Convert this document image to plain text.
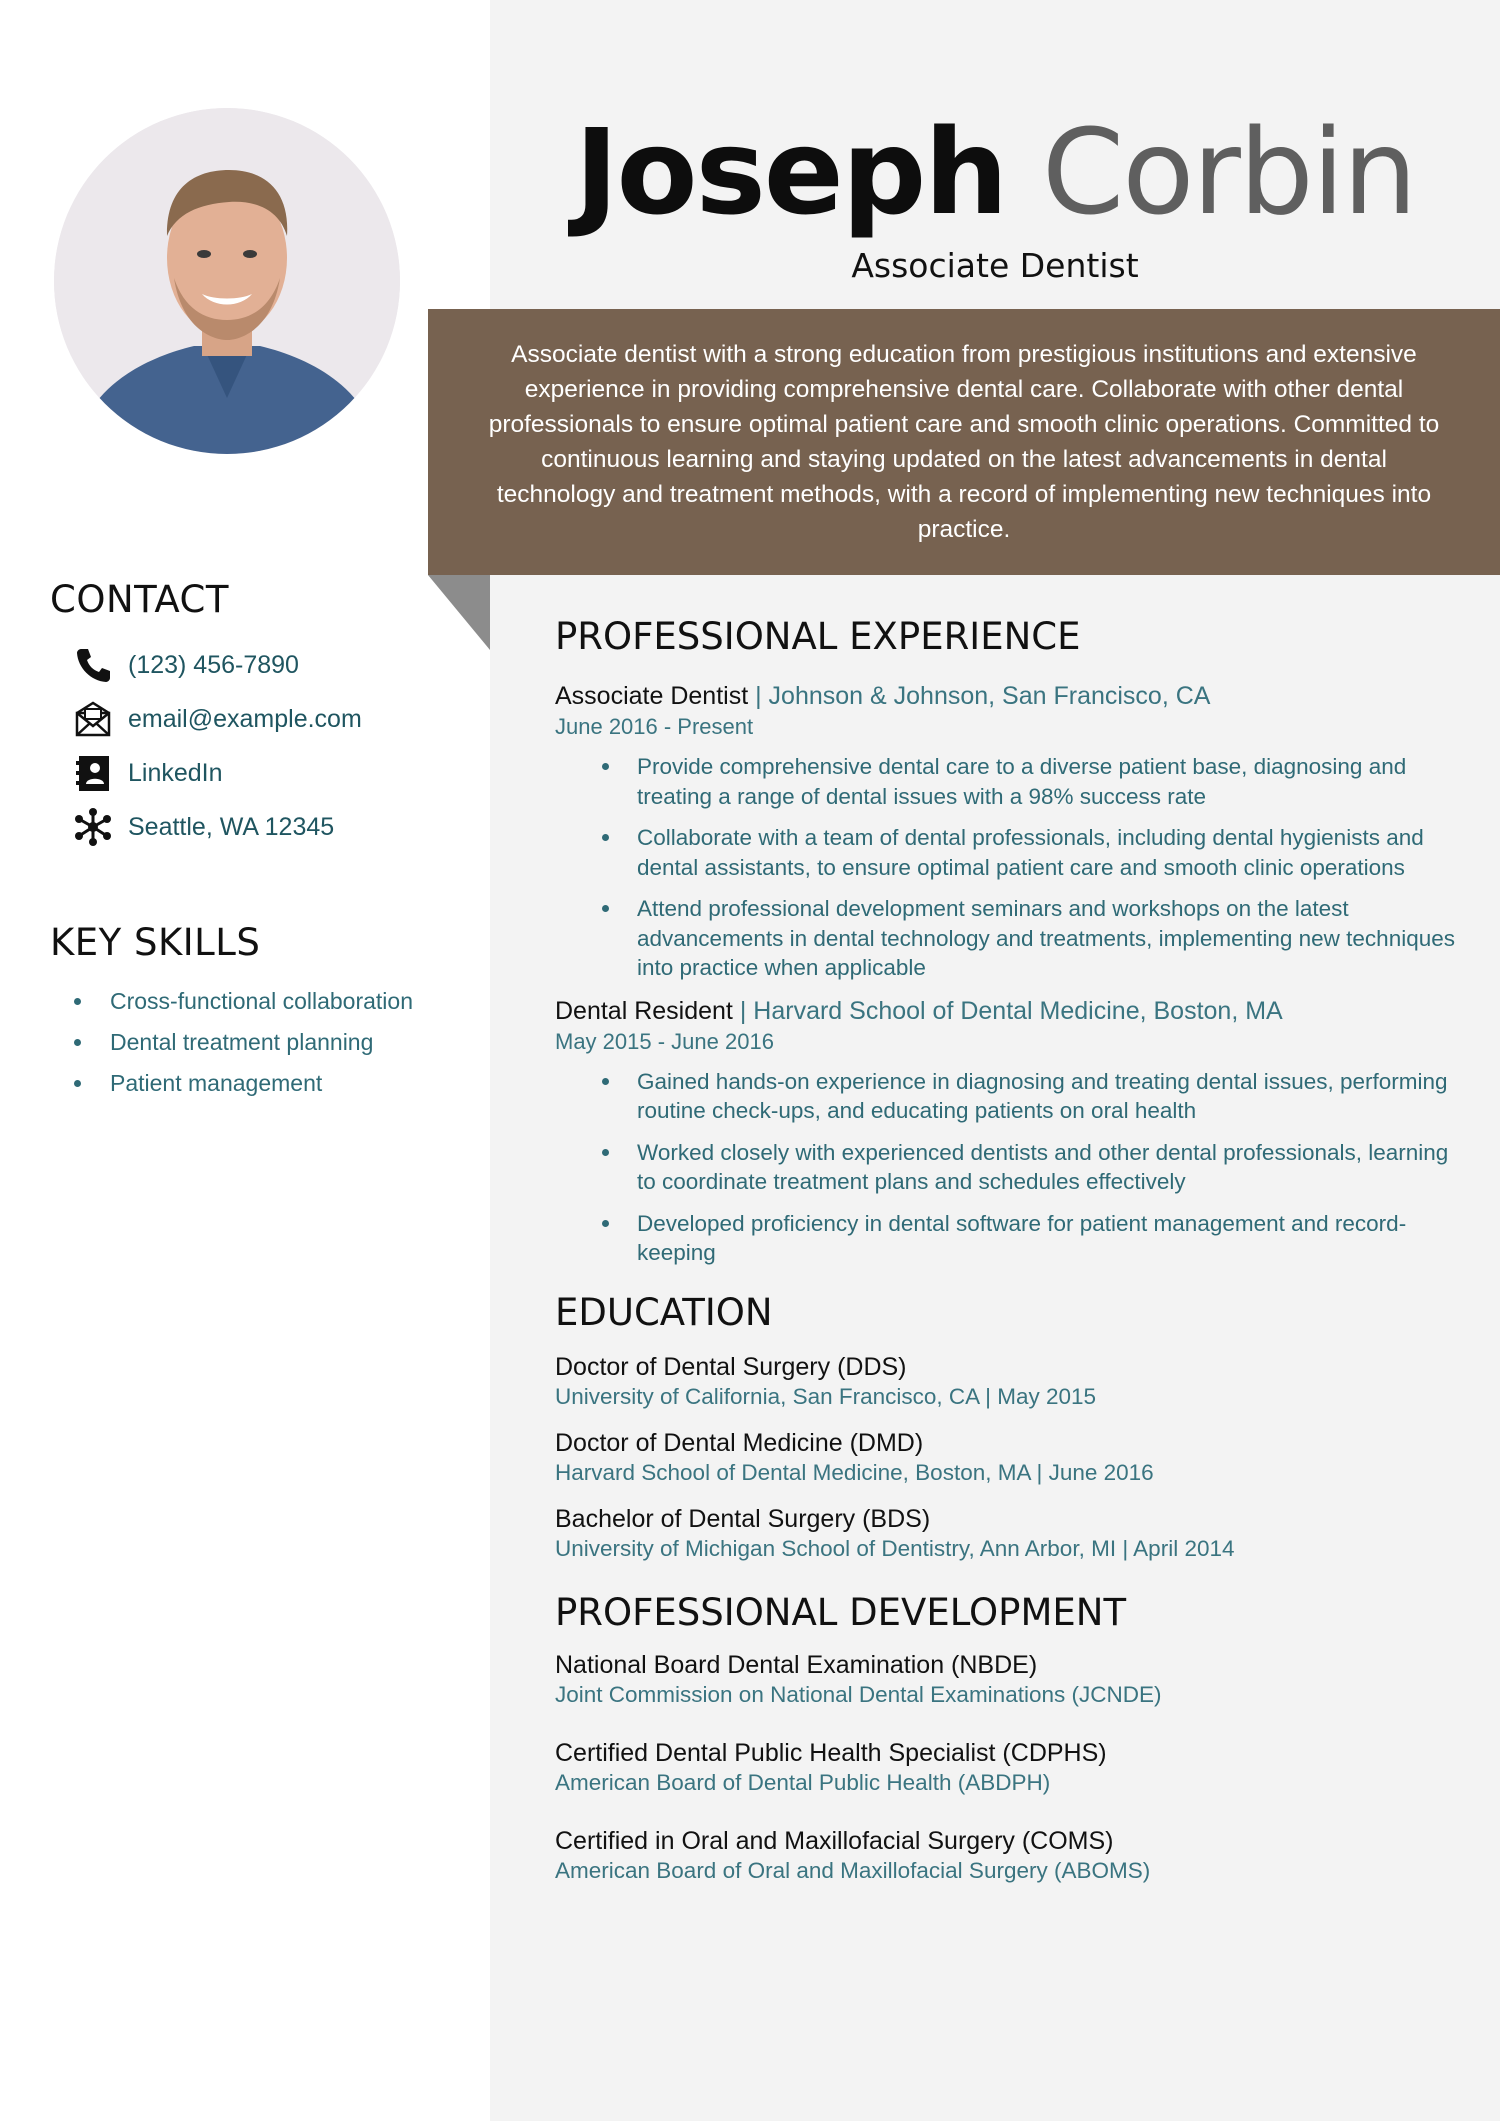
CONTACT
(123) 456-7890
email@example.com
LinkedIn
Seattle, WA 12345
KEY SKILLS
Cross-functional collaboration
Dental treatment planning
Patient management
Joseph Corbin
Associate Dentist

Associate dentist with a strong education from prestigious institutions and extensive experience in providing comprehensive dental care. Collaborate with other dental professionals to ensure optimal patient care and smooth clinic operations. Committed to continuous learning and staying updated on the latest advancements in dental technology and treatment methods, with a record of implementing new techniques into practice.

PROFESSIONAL EXPERIENCE
Associate Dentist | Johnson & Johnson, San Francisco, CA
June 2016 - Present
Provide comprehensive dental care to a diverse patient base, diagnosing and treating a range of dental issues with a 98% success rate
Collaborate with a team of dental professionals, including dental hygienists and dental assistants, to ensure optimal patient care and smooth clinic operations
Attend professional development seminars and workshops on the latest advancements in dental technology and treatments, implementing new techniques into practice when applicable
Dental Resident | Harvard School of Dental Medicine, Boston, MA
May 2015 - June 2016
Gained hands-on experience in diagnosing and treating dental issues, performing routine check-ups, and educating patients on oral health
Worked closely with experienced dentists and other dental professionals, learning to coordinate treatment plans and schedules effectively
Developed proficiency in dental software for patient management and record-keeping
EDUCATION
Doctor of Dental Surgery (DDS)
University of California, San Francisco, CA | May 2015
Doctor of Dental Medicine (DMD)
Harvard School of Dental Medicine, Boston, MA | June 2016
Bachelor of Dental Surgery (BDS)
University of Michigan School of Dentistry, Ann Arbor, MI | April 2014
PROFESSIONAL DEVELOPMENT
National Board Dental Examination (NBDE)
Joint Commission on National Dental Examinations (JCNDE)
Certified Dental Public Health Specialist (CDPHS)
American Board of Dental Public Health (ABDPH)
Certified in Oral and Maxillofacial Surgery (COMS)
American Board of Oral and Maxillofacial Surgery (ABOMS)
